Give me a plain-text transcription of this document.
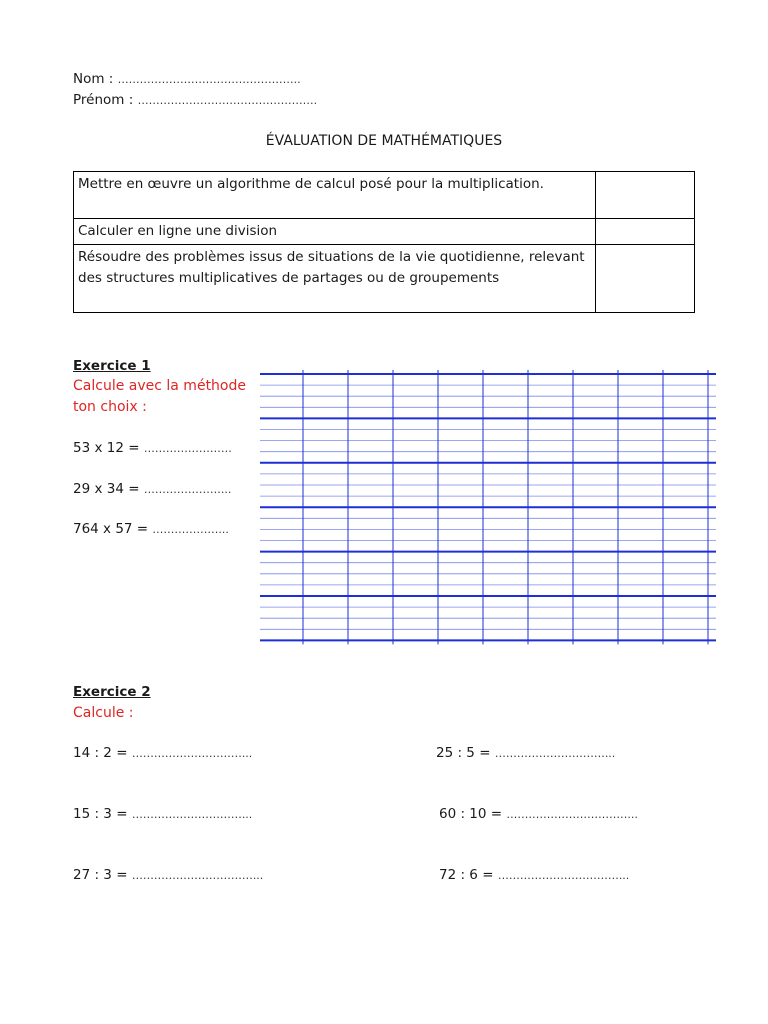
Nom : …………………………………………..
Prénom : ………………………………………….
ÉVALUATION DE MATHÉMATIQUES
Mettre en œuvre un algorithme de calcul posé pour la multiplication.	
Calculer en ligne une division	
Résoudre des problèmes issus de situations de la vie quotidienne, relevant des structures multiplicatives de partages ou de groupements	
Exercice 1
Calcule avec la méthode
ton choix :
53 x 12 = ……………………
29 x 34 = …………………...
764 x 57 = ………………...
Exercice 2
Calcule :
14 : 2 = …………………………...
15 : 3 = …………………………...
27 : 3 = ……………………………...
25 : 5 = …………………………...
60 : 10 = ……………………………...
72 : 6 = ……………………………...
